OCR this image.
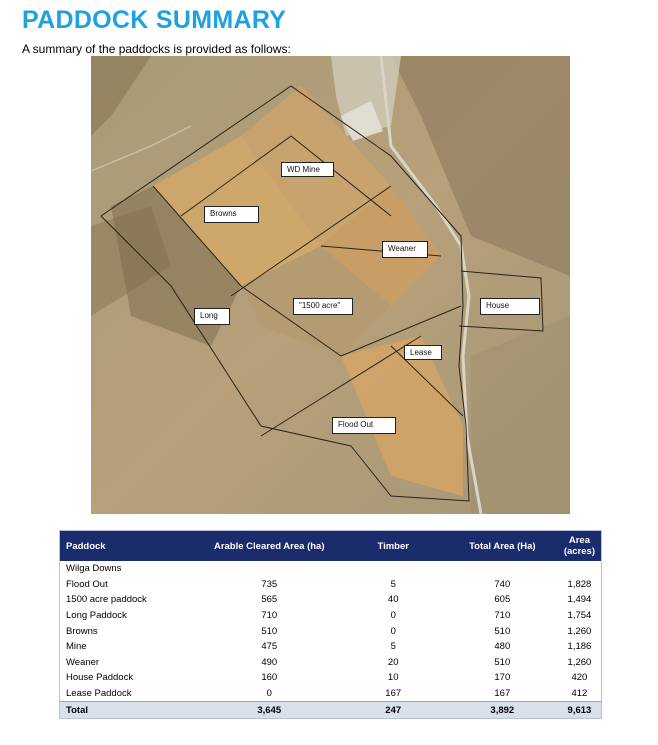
PADDOCK SUMMARY
A summary of the paddocks is provided as follows:
WD Mine
Browns
Weaner
House
"1500 acre"
Long
Lease
Flood Out
Paddock	Arable Cleared Area (ha)	Timber	Total Area (Ha)	Area (acres)
Wilga Downs				
Flood Out	735	5	740	1,828
1500 acre paddock	565	40	605	1,494
Long Paddock	710	0	710	1,754
Browns	510	0	510	1,260
Mine	475	5	480	1,186
Weaner	490	20	510	1,260
House Paddock	160	10	170	420
Lease Paddock	0	167	167	412
Total	3,645	247	3,892	9,613
